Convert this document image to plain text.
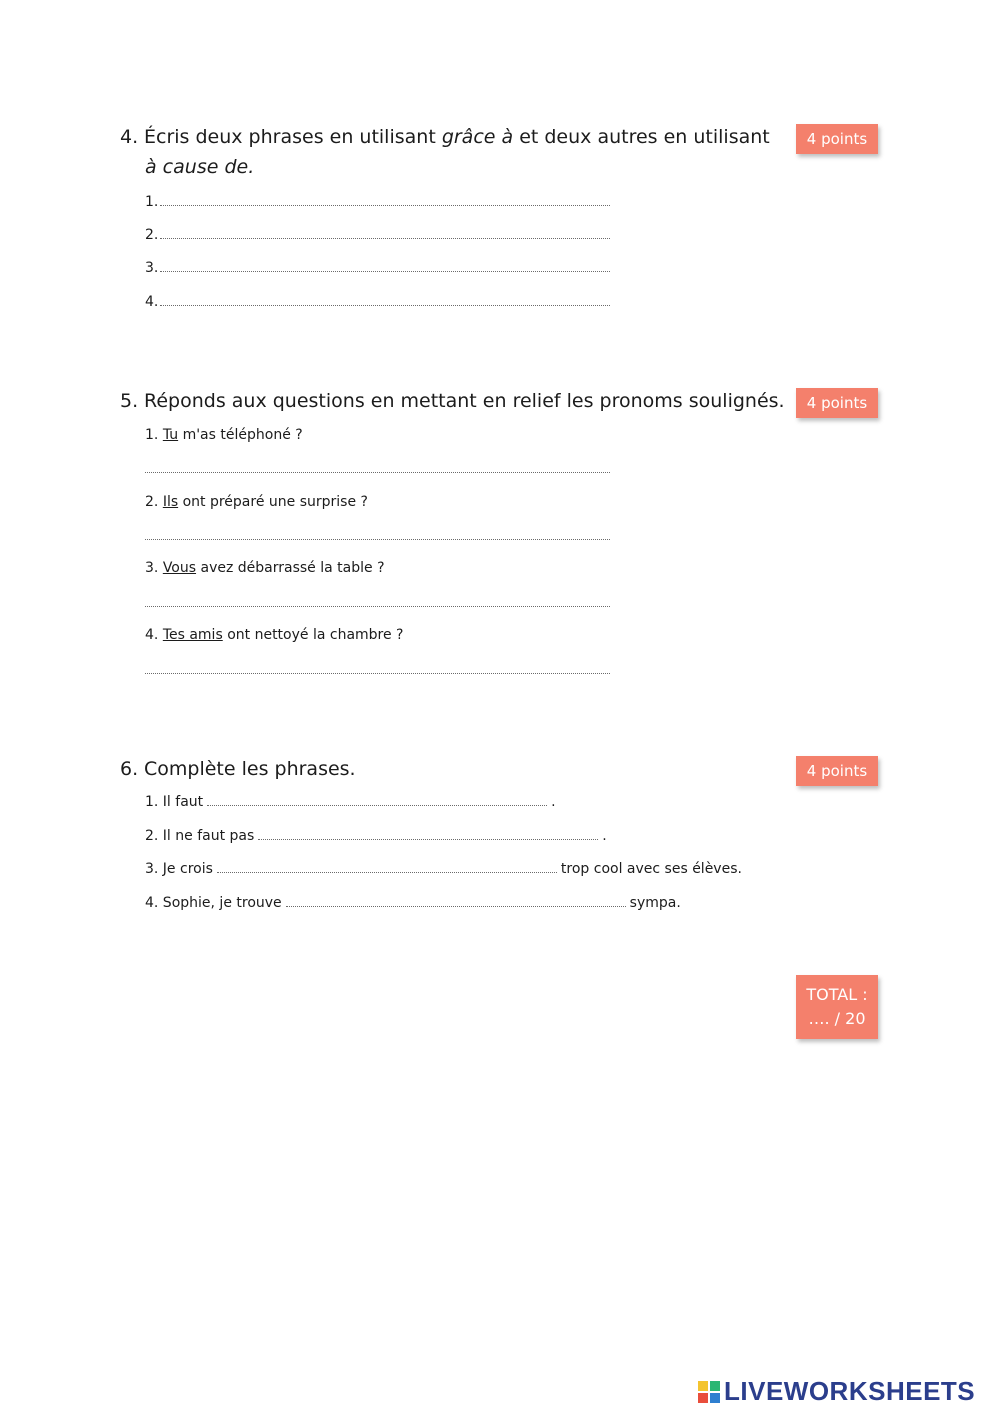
4. Écris deux phrases en utilisant grâce à et deux autres en utilisant
à cause de.
4 points
1.
2.
3.
4.
5. Réponds aux questions en mettant en relief les pronoms soulignés.	4 points
1. Tu m'as téléphoné ?
2. Ils ont préparé une surprise ?
3. Vous avez débarrassé la table ?
4. Tes amis ont nettoyé la chambre ?
6. Complète les phrases.	4 points
1. Il faut	.
2. Il ne faut pas	.
3. Je crois	trop cool avec ses élèves.
4. Sophie, je trouve	sympa.
TOTAL :
…. / 20
LIVEWORKSHEETS
